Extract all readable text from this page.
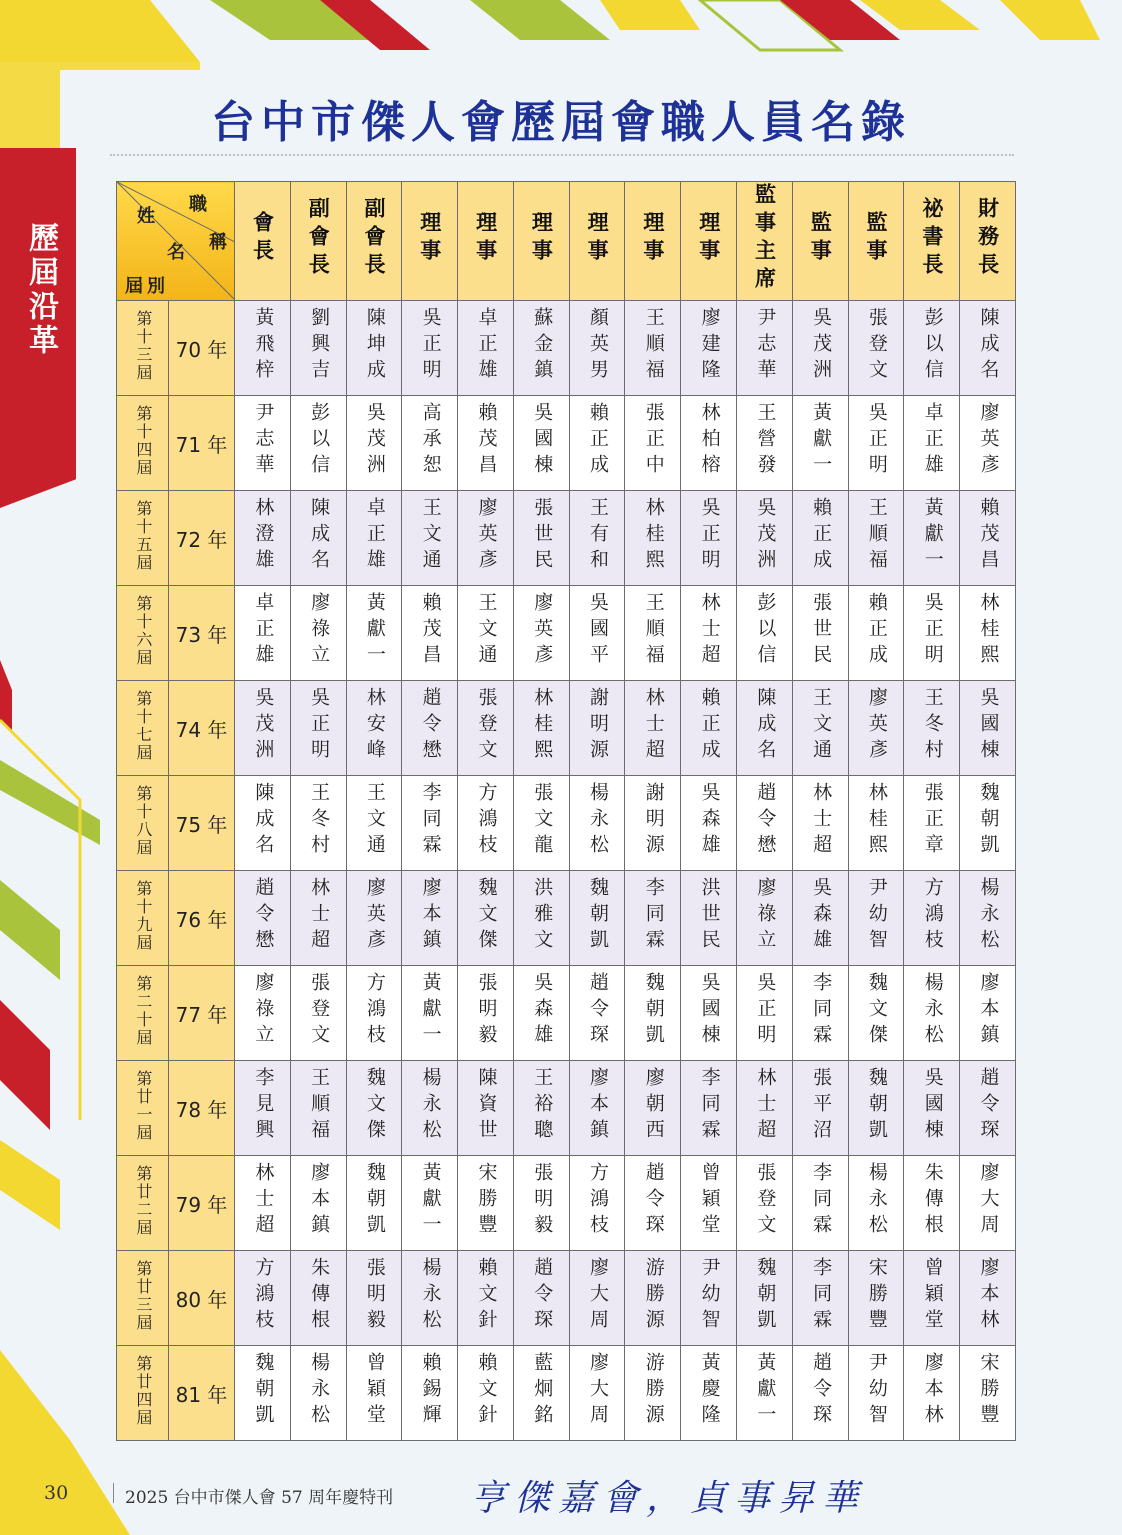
歷屆沿革
台中市傑人會歷屆會職人員名錄
姓
職
名 稱
屆別		會長	副會長	副會長	理事	理事	理事	理事	理事	理事	監事主席	監事	監事	祕書長	財務長
第十三屆	70 年	黃飛梓	劉興吉	陳坤成	吳正明	卓正雄	蘇金鎮	顏英男	王順福	廖建隆	尹志華	吳茂洲	張登文	彭以信	陳成名
第十四屆	71 年	尹志華	彭以信	吳茂洲	高承恕	賴茂昌	吳國棟	賴正成	張正中	林柏榕	王營發	黃獻一	吳正明	卓正雄	廖英彥
第十五屆	72 年	林澄雄	陳成名	卓正雄	王文通	廖英彥	張世民	王有和	林桂熙	吳正明	吳茂洲	賴正成	王順福	黃獻一	賴茂昌
第十六屆	73 年	卓正雄	廖祿立	黃獻一	賴茂昌	王文通	廖英彥	吳國平	王順福	林士超	彭以信	張世民	賴正成	吳正明	林桂熙
第十七屆	74 年	吳茂洲	吳正明	林安峰	趙令懋	張登文	林桂熙	謝明源	林士超	賴正成	陳成名	王文通	廖英彥	王冬村	吳國棟
第十八屆	75 年	陳成名	王冬村	王文通	李同霖	方鴻枝	張文龍	楊永松	謝明源	吳森雄	趙令懋	林士超	林桂熙	張正章	魏朝凱
第十九屆	76 年	趙令懋	林士超	廖英彥	廖本鎮	魏文傑	洪雅文	魏朝凱	李同霖	洪世民	廖祿立	吳森雄	尹幼智	方鴻枝	楊永松
第二十屆	77 年	廖祿立	張登文	方鴻枝	黃獻一	張明毅	吳森雄	趙令琛	魏朝凱	吳國棟	吳正明	李同霖	魏文傑	楊永松	廖本鎮
第廿一屆	78 年	李見興	王順福	魏文傑	楊永松	陳資世	王裕聰	廖本鎮	廖朝西	李同霖	林士超	張平沼	魏朝凱	吳國棟	趙令琛
第廿二屆	79 年	林士超	廖本鎮	魏朝凱	黃獻一	宋勝豐	張明毅	方鴻枝	趙令琛	曾穎堂	張登文	李同霖	楊永松	朱傳根	廖大周
第廿三屆	80 年	方鴻枝	朱傳根	張明毅	楊永松	賴文針	趙令琛	廖大周	游勝源	尹幼智	魏朝凱	李同霖	宋勝豐	曾穎堂	廖本林
第廿四屆	81 年	魏朝凱	楊永松	曾穎堂	賴錫輝	賴文針	藍炯銘	廖大周	游勝源	黃慶隆	黃獻一	趙令琛	尹幼智	廖本林	宋勝豐
30	2025 台中市傑人會 57 周年慶特刊 亨傑嘉會，貞事昇華
